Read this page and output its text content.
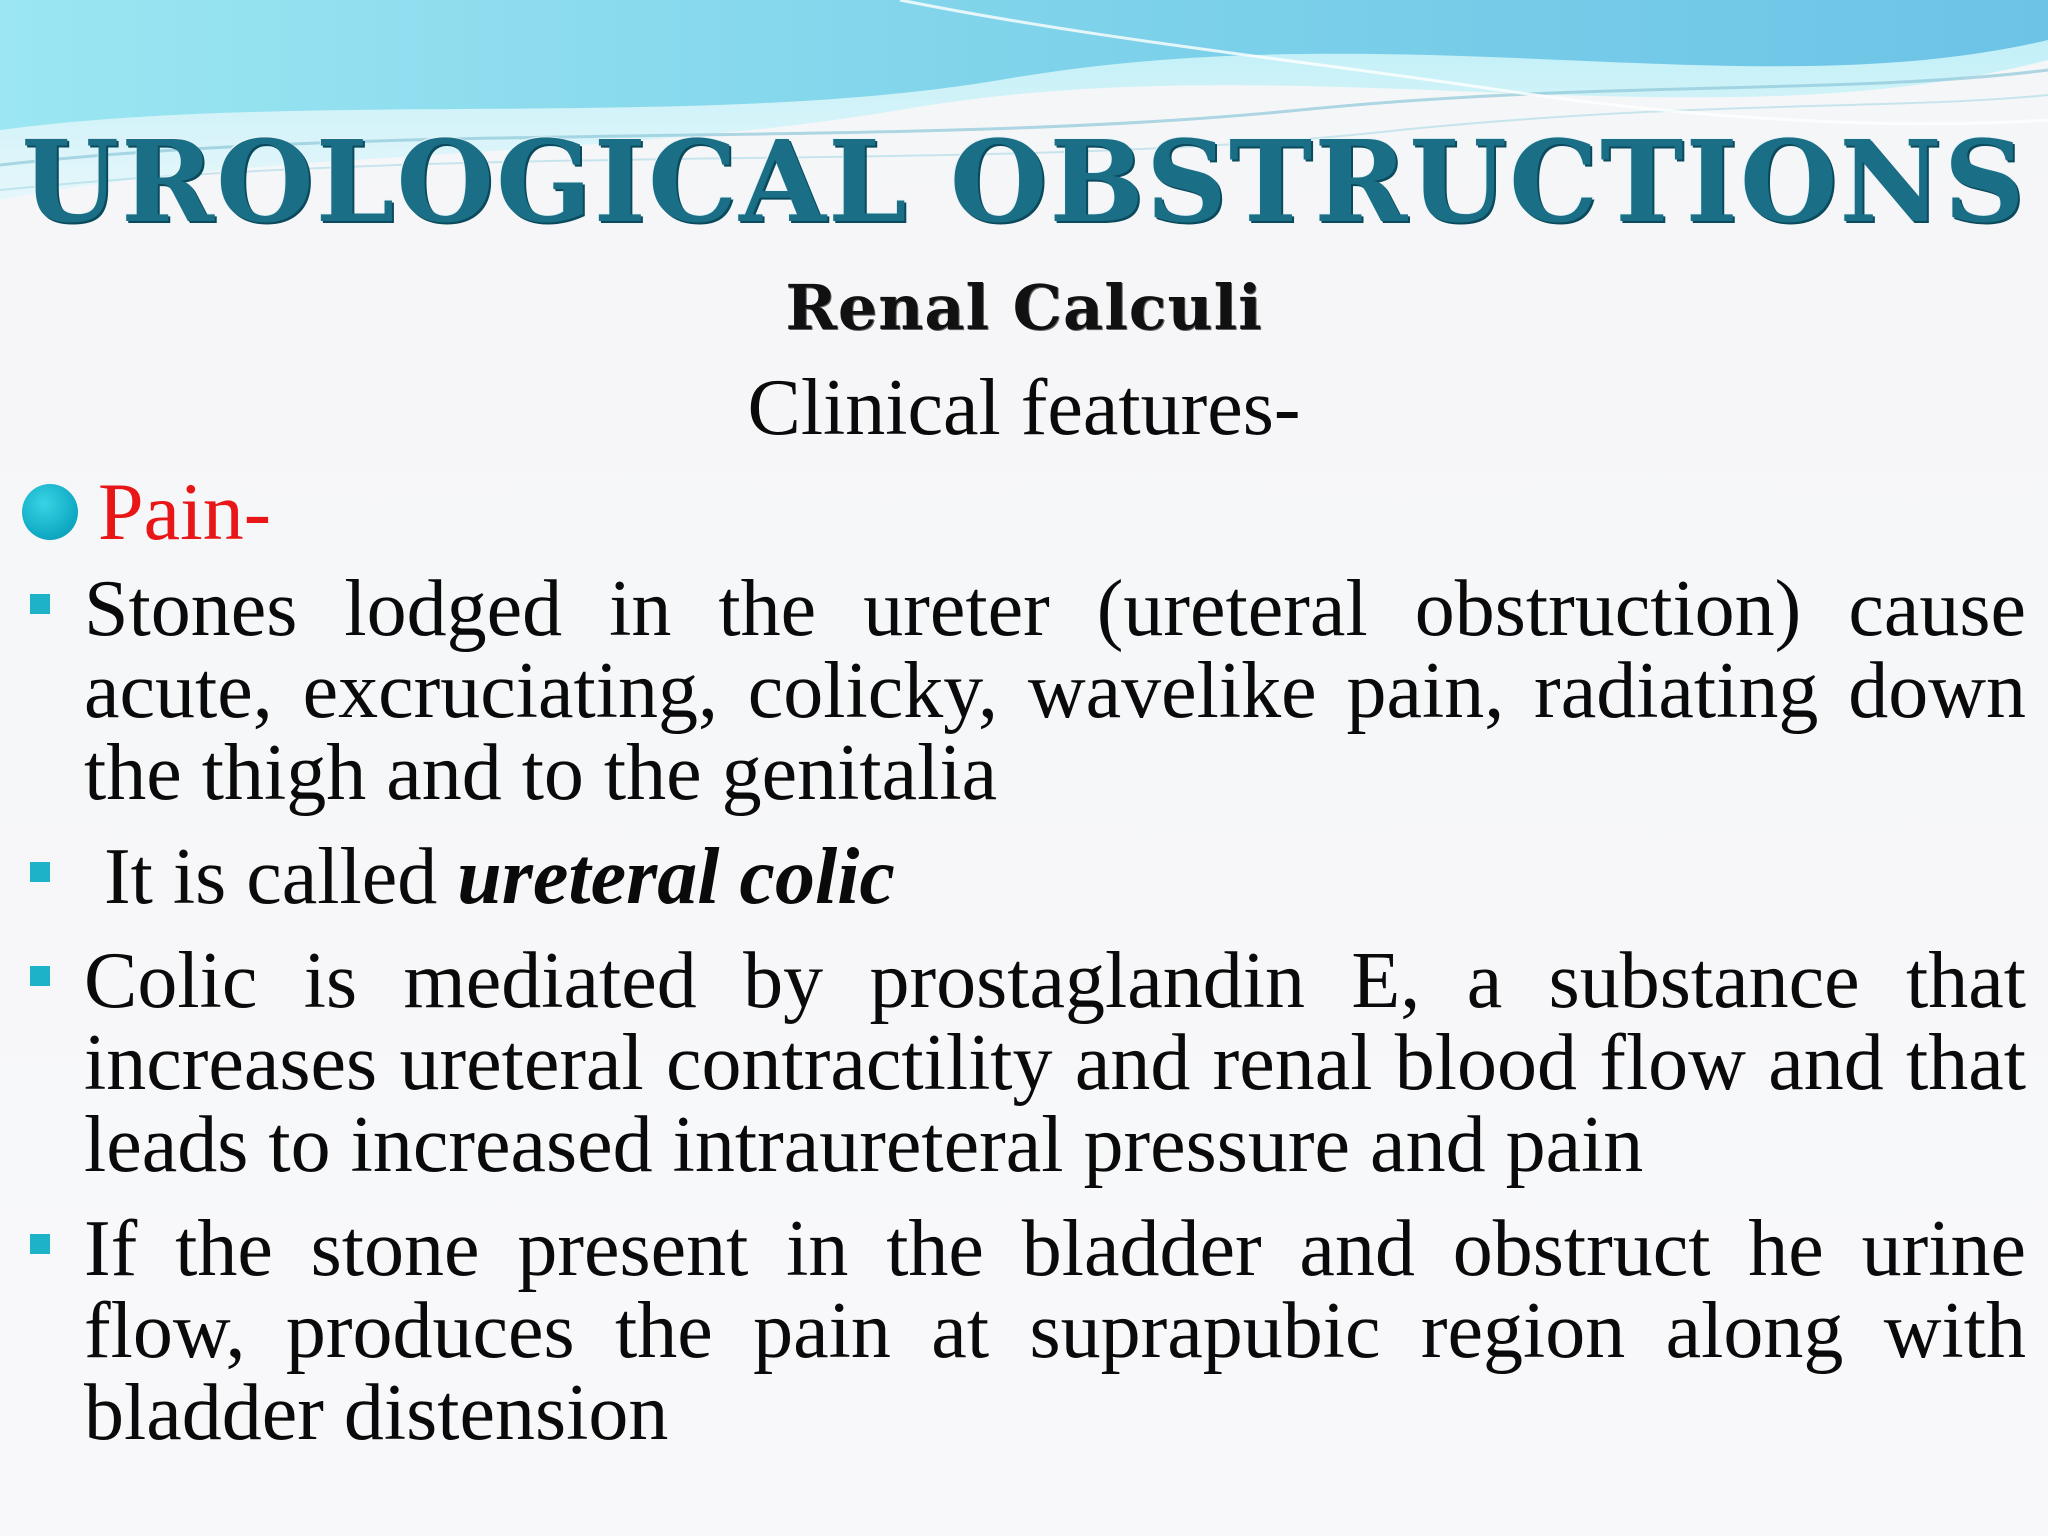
UROLOGICAL OBSTRUCTIONS
Renal Calculi
Clinical features-
Pain-
Stones lodged in the ureter (ureteral obstruction) cause acute, excruciating, colicky, wavelike pain, radiating down the thigh and to the genitalia
It is called ureteral colic
Colic is mediated by prostaglandin E, a substance that increases ureteral contractility and renal blood flow and that leads to increased intraureteral pressure and pain
If the stone present in the bladder and obstruct he urine flow, produces the pain at suprapubic region along with bladder distension
